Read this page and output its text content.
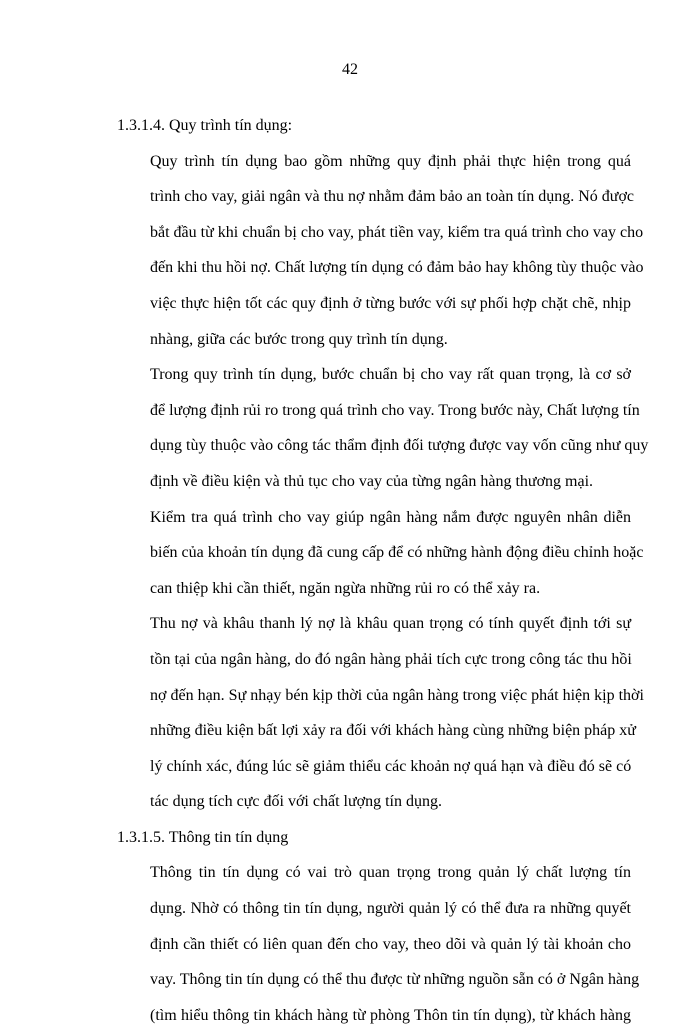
42

1.3.1.4. Quy trình tín dụng:

Quy trình tín dụng bao gồm những quy định phải thực hiện trong quá
trình cho vay, giải ngân và thu nợ nhằm đảm bảo an toàn tín dụng. Nó được
bắt đầu từ khi chuẩn bị cho vay, phát tiền vay, kiểm tra quá trình cho vay cho
đến khi thu hồi nợ. Chất lượng tín dụng có đảm bảo hay không tùy thuộc vào
việc thực hiện tốt các quy định ở từng bước với sự phối hợp chặt chẽ, nhịp
nhàng, giữa các bước trong quy trình tín dụng.

Trong quy trình tín dụng, bước chuẩn bị cho vay rất quan trọng, là cơ sở
để lượng định rủi ro trong quá trình cho vay. Trong bước này, Chất lượng tín
dụng tùy thuộc vào công tác thẩm định đối tượng được vay vốn cũng như quy
định về điều kiện và thủ tục cho vay của từng ngân hàng thương mại.

Kiểm tra quá trình cho vay giúp ngân hàng nắm được nguyên nhân diễn
biến của khoản tín dụng đã cung cấp để có những hành động điều chỉnh hoặc
can thiệp khi cần thiết, ngăn ngừa những rủi ro có thể xảy ra.

Thu nợ và khâu thanh lý nợ là khâu quan trọng có tính quyết định tới sự
tồn tại của ngân hàng, do đó ngân hàng phải tích cực trong công tác thu hồi
nợ đến hạn. Sự nhạy bén kịp thời của ngân hàng trong việc phát hiện kịp thời
những điều kiện bất lợi xảy ra đối với khách hàng cùng những biện pháp xử
lý chính xác, đúng lúc sẽ giảm thiểu các khoản nợ quá hạn và điều đó sẽ có
tác dụng tích cực đối với chất lượng tín dụng.

1.3.1.5. Thông tin tín dụng

Thông tin tín dụng có vai trò quan trọng trong quản lý chất lượng tín
dụng. Nhờ có thông tin tín dụng, người quản lý có thể đưa ra những quyết
định cần thiết có liên quan đến cho vay, theo dõi và quản lý tài khoản cho
vay. Thông tin tín dụng có thể thu được từ những nguồn sẵn có ở Ngân hàng
(tìm hiểu thông tin khách hàng từ phòng Thôn tin tín dụng), từ khách hàng
